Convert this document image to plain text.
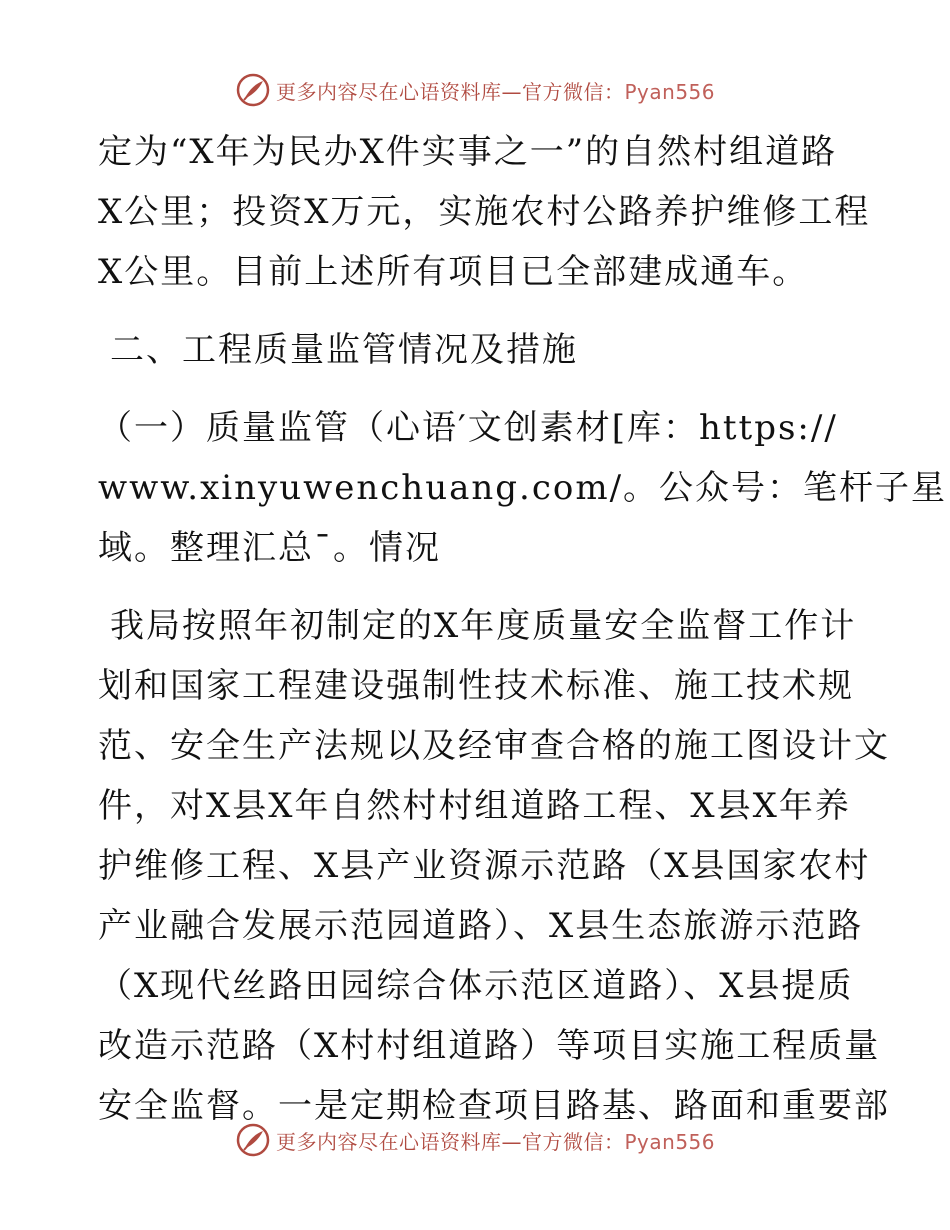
更多内容尽在心语资料库—官方微信：Pyan556
定为“X年为民办X件实事之一”的自然村组道路
X公里；投资X万元，实施农村公路养护维修工程
X公里。目前上述所有项目已全部建成通车。
二、工程质量监管情况及措施
（一）质量监管（心语′文创素材[库：https://
www.xinyuwenchuang.com/。公众号：笔杆子星
域。整理汇总¯。情况
我局按照年初制定的X年度质量安全监督工作计
划和国家工程建设强制性技术标准、施工技术规
范、安全生产法规以及经审查合格的施工图设计文
件，对X县X年自然村村组道路工程、X县X年养
护维修工程、X县产业资源示范路（X县国家农村
产业融合发展示范园道路）、X县生态旅游示范路
（X现代丝路田园综合体示范区道路）、X县提质
改造示范路（X村村组道路）等项目实施工程质量
安全监督。一是定期检查项目路基、路面和重要部
更多内容尽在心语资料库—官方微信：Pyan556
